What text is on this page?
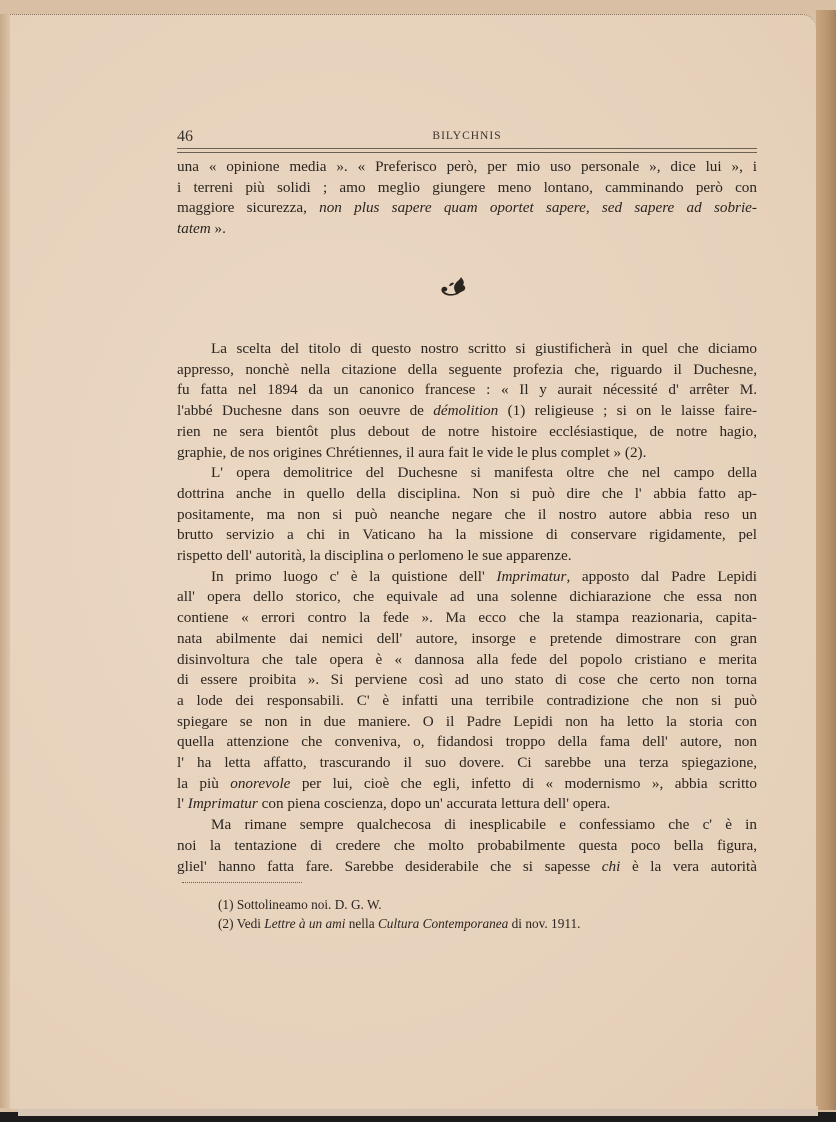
46	BILYCHNIS
una « opinione media ». « Preferisco però, per mio uso personale », dice lui », i
i terreni più solidi ; amo meglio giungere meno lontano, camminando però con
maggiore sicurezza, non plus sapere quam oportet sapere, sed sapere ad sobrie-
tatem ».
La scelta del titolo di questo nostro scritto si giustificherà in quel che diciamo
appresso, nonchè nella citazione della seguente profezia che, riguardo il Duchesne,
fu fatta nel 1894 da un canonico francese : « Il y aurait nécessité d' arrêter M.
l'abbé Duchesne dans son oeuvre de démolition (1) religieuse ; si on le laisse faire-
rien ne sera bientôt plus debout de notre histoire ecclésiastique, de notre hagio,
graphie, de nos origines Chrétiennes, il aura fait le vide le plus complet » (2).
L' opera demolitrice del Duchesne si manifesta oltre che nel campo della
dottrina anche in quello della disciplina. Non si può dire che l' abbia fatto ap-
positamente, ma non si può neanche negare che il nostro autore abbia reso un
brutto servizio a chi in Vaticano ha la missione di conservare rigidamente, pel
rispetto dell' autorità, la disciplina o perlomeno le sue apparenze.
In primo luogo c' è la quistione dell' Imprimatur, apposto dal Padre Lepidi
all' opera dello storico, che equivale ad una solenne dichiarazione che essa non
contiene « errori contro la fede ». Ma ecco che la stampa reazionaria, capita-
nata abilmente dai nemici dell' autore, insorge e pretende dimostrare con gran
disinvoltura che tale opera è « dannosa alla fede del popolo cristiano e merita
di essere proibita ». Si perviene così ad uno stato di cose che certo non torna
a lode dei responsabili. C' è infatti una terribile contradizione che non si può
spiegare se non in due maniere. O il Padre Lepidi non ha letto la storia con
quella attenzione che conveniva, o, fidandosi troppo della fama dell' autore, non
l' ha letta affatto, trascurando il suo dovere. Ci sarebbe una terza spiegazione,
la più onorevole per lui, cioè che egli, infetto di « modernismo », abbia scritto
l' Imprimatur con piena coscienza, dopo un' accurata lettura dell' opera.
Ma rimane sempre qualchecosa di inesplicabile e confessiamo che c' è in
noi la tentazione di credere che molto probabilmente questa poco bella figura,
gliel' hanno fatta fare. Sarebbe desiderabile che si sapesse chi è la vera autorità
(1) Sottolineamo noi. D. G. W.
(2) Vedi Lettre à un ami nella Cultura Contemporanea di nov. 1911.
